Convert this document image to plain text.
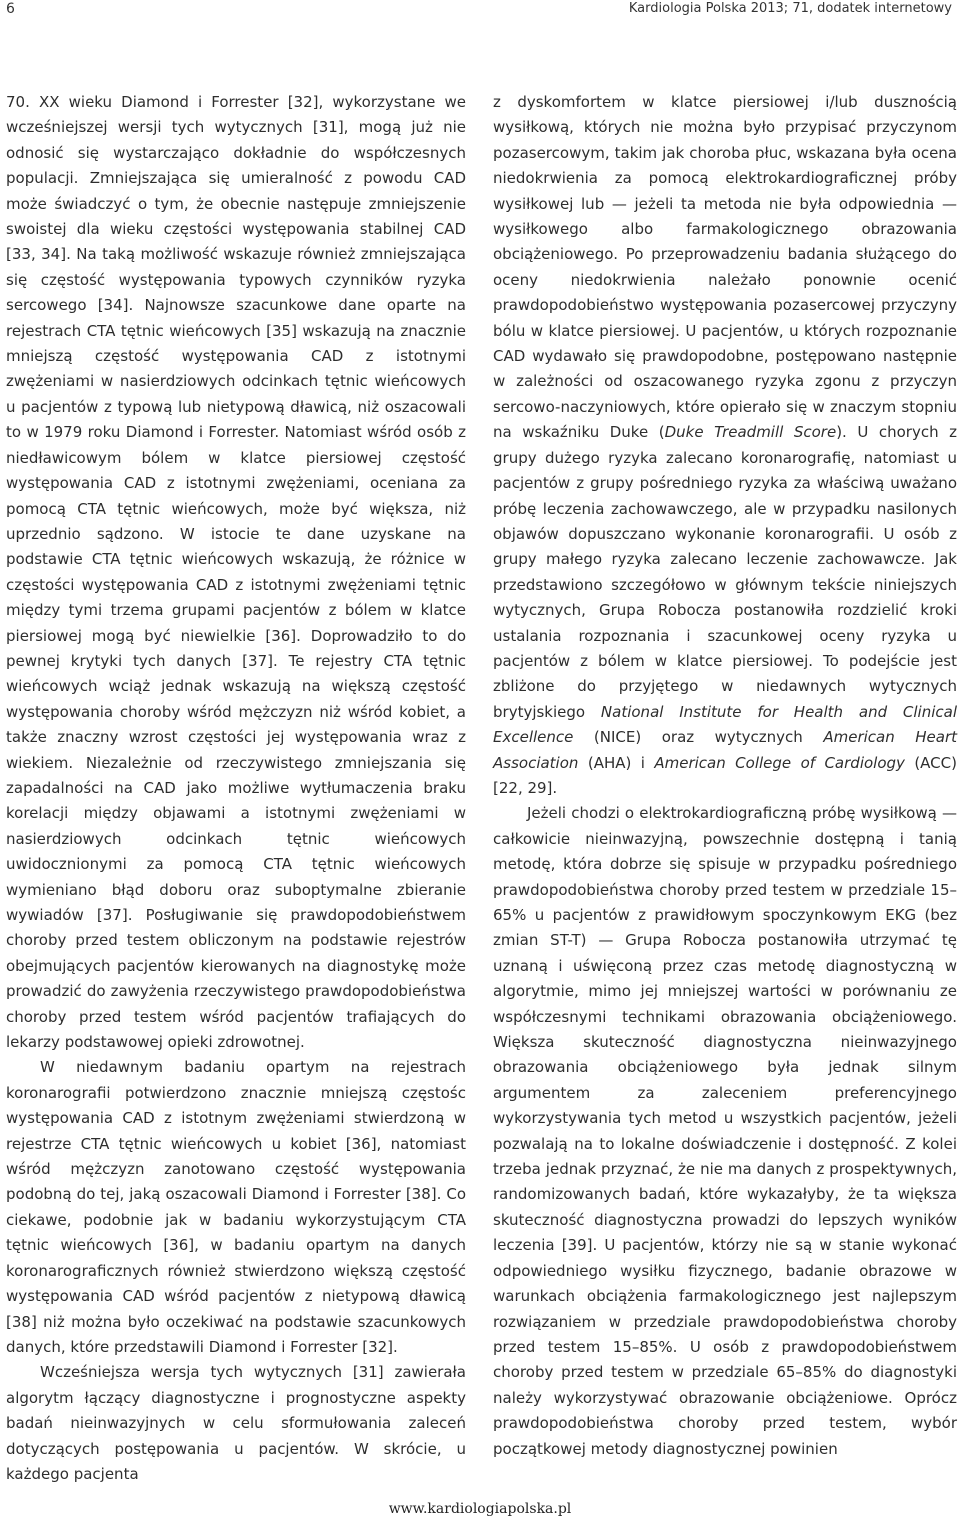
6	Kardiologia Polska 2013; 71, dodatek internetowy

70. XX wieku Diamond i Forrester [32], wykorzystane we wcześniejszej wersji tych wytycznych [31], mogą już nie odnosić się wystarczająco dokładnie do współczesnych populacji. Zmniejszająca się umieralność z powodu CAD może świadczyć o tym, że obecnie następuje zmniejszenie swoistej dla wieku częstości występowania stabilnej CAD [33, 34]. Na taką możliwość wskazuje również zmniejszająca się częstość występowania typowych czynników ryzyka sercowego [34]. Najnowsze szacunkowe dane oparte na rejestrach CTA tętnic wieńcowych [35] wskazują na znacznie mniejszą częstość występowania CAD z istotnymi zwężeniami w nasierdziowych odcinkach tętnic wieńcowych u pacjentów z typową lub nietypową dławicą, niż oszacowali to w 1979 roku Diamond i Forrester. Natomiast wśród osób z niedławicowym bólem w klatce piersiowej częstość występowania CAD z istotnymi zwężeniami, oceniana za pomocą CTA tętnic wieńcowych, może być większa, niż uprzednio sądzono. W istocie te dane uzyskane na podstawie CTA tętnic wieńcowych wskazują, że różnice w częstości występowania CAD z istotnymi zwężeniami tętnic między tymi trzema grupami pacjentów z bólem w klatce piersiowej mogą być niewielkie [36]. Doprowadziło to do pewnej krytyki tych danych [37]. Te rejestry CTA tętnic wieńcowych wciąż jednak wskazują na większą częstość występowania choroby wśród mężczyzn niż wśród kobiet, a także znaczny wzrost częstości jej występowania wraz z wiekiem. Niezależnie od rzeczywistego zmniejszania się zapadalności na CAD jako możliwe wytłumaczenia braku korelacji między objawami a istotnymi zwężeniami w nasierdziowych odcinkach tętnic wieńcowych uwidocznionymi za pomocą CTA tętnic wieńcowych wymieniano błąd doboru oraz suboptymalne zbieranie wywiadów [37]. Posługiwanie się prawdopodobieństwem choroby przed testem obliczonym na podstawie rejestrów obejmujących pacjentów kierowanych na diagnostykę może prowadzić do zawyżenia rzeczywistego prawdopodobieństwa choroby przed testem wśród pacjentów trafiających do lekarzy podstawowej opieki zdrowotnej.

W niedawnym badaniu opartym na rejestrach koronarografii potwierdzono znacznie mniejszą częstośc występowania CAD z istotnym zwężeniami stwierdzoną w rejestrze CTA tętnic wieńcowych u kobiet [36], natomiast wśród mężczyzn zanotowano częstość występowania podobną do tej, jaką oszacowali Diamond i Forrester [38]. Co ciekawe, podobnie jak w badaniu wykorzystującym CTA tętnic wieńcowych [36], w badaniu opartym na danych koronarograficznych również stwierdzono większą częstość występowania CAD wśród pacjentów z nietypową dławicą [38] niż można było oczekiwać na podstawie szacunkowych danych, które przedstawili Diamond i Forrester [32].

Wcześniejsza wersja tych wytycznych [31] zawierała algorytm łączący diagnostyczne i prognostyczne aspekty badań nieinwazyjnych w celu sformułowania zaleceń dotyczących postępowania u pacjentów. W skrócie, u każdego pacjenta

z dyskomfortem w klatce piersiowej i/lub dusznością wysiłkową, których nie można było przypisać przyczynom pozasercowym, takim jak choroba płuc, wskazana była ocena niedokrwienia za pomocą elektrokardiograficznej próby wysiłkowej lub — jeżeli ta metoda nie była odpowiednia — wysiłkowego albo farmakologicznego obrazowania obciążeniowego. Po przeprowadzeniu badania służącego do oceny niedokrwienia należało ponownie ocenić prawdopodobieństwo występowania pozasercowej przyczyny bólu w klatce piersiowej. U pacjentów, u których rozpoznanie CAD wydawało się prawdopodobne, postępowano następnie w zależności od oszacowanego ryzyka zgonu z przyczyn sercowo-naczyniowych, które opierało się w znaczym stopniu na wskaźniku Duke (Duke Treadmill Score). U chorych z grupy dużego ryzyka zalecano koronarografię, natomiast u pacjentów z grupy pośredniego ryzyka za właściwą uważano próbę leczenia zachowawczego, ale w przypadku nasilonych objawów dopuszczano wykonanie koronarografii. U osób z grupy małego ryzyka zalecano leczenie zachowawcze. Jak przedstawiono szczegółowo w głównym tekście niniejszych wytycznych, Grupa Robocza postanowiła rozdzielić kroki ustalania rozpoznania i szacunkowej oceny ryzyka u pacjentów z bólem w klatce piersiowej. To podejście jest zbliżone do przyjętego w niedawnych wytycznych brytyjskiego National Institute for Health and Clinical Excellence (NICE) oraz wytycznych American Heart Association (AHA) i American College of Cardiology (ACC) [22, 29].

Jeżeli chodzi o elektrokardiograficzną próbę wysiłkową — całkowicie nieinwazyjną, powszechnie dostępną i tanią metodę, która dobrze się spisuje w przypadku pośredniego prawdopodobieństwa choroby przed testem w przedziale 15–65% u pacjentów z prawidłowym spoczynkowym EKG (bez zmian ST-T) — Grupa Robocza postanowiła utrzymać tę uznaną i uświęconą przez czas metodę diagnostyczną w algorytmie, mimo jej mniejszej wartości w porównaniu ze współczesnymi technikami obrazowania obciążeniowego. Większa skuteczność diagnostyczna nieinwazyjnego obrazowania obciążeniowego była jednak silnym argumentem za zaleceniem preferencyjnego wykorzystywania tych metod u wszystkich pacjentów, jeżeli pozwalają na to lokalne doświadczenie i dostępność. Z kolei trzeba jednak przyznać, że nie ma danych z prospektywnych, randomizowanych badań, które wykazałyby, że ta większa skuteczność diagnostyczna prowadzi do lepszych wyników leczenia [39]. U pacjentów, którzy nie są w stanie wykonać odpowiedniego wysiłku fizycznego, badanie obrazowe w warunkach obciążenia farmakologicznego jest najlepszym rozwiązaniem w przedziale prawdopodobieństwa choroby przed testem 15–85%. U osób z prawdopodobieństwem choroby przed testem w przedziale 65–85% do diagnostyki należy wykorzystywać obrazowanie obciążeniowe. Oprócz prawdopodobieństwa choroby przed testem, wybór początkowej metody diagnostycznej powinien

www.kardiologiapolska.pl
